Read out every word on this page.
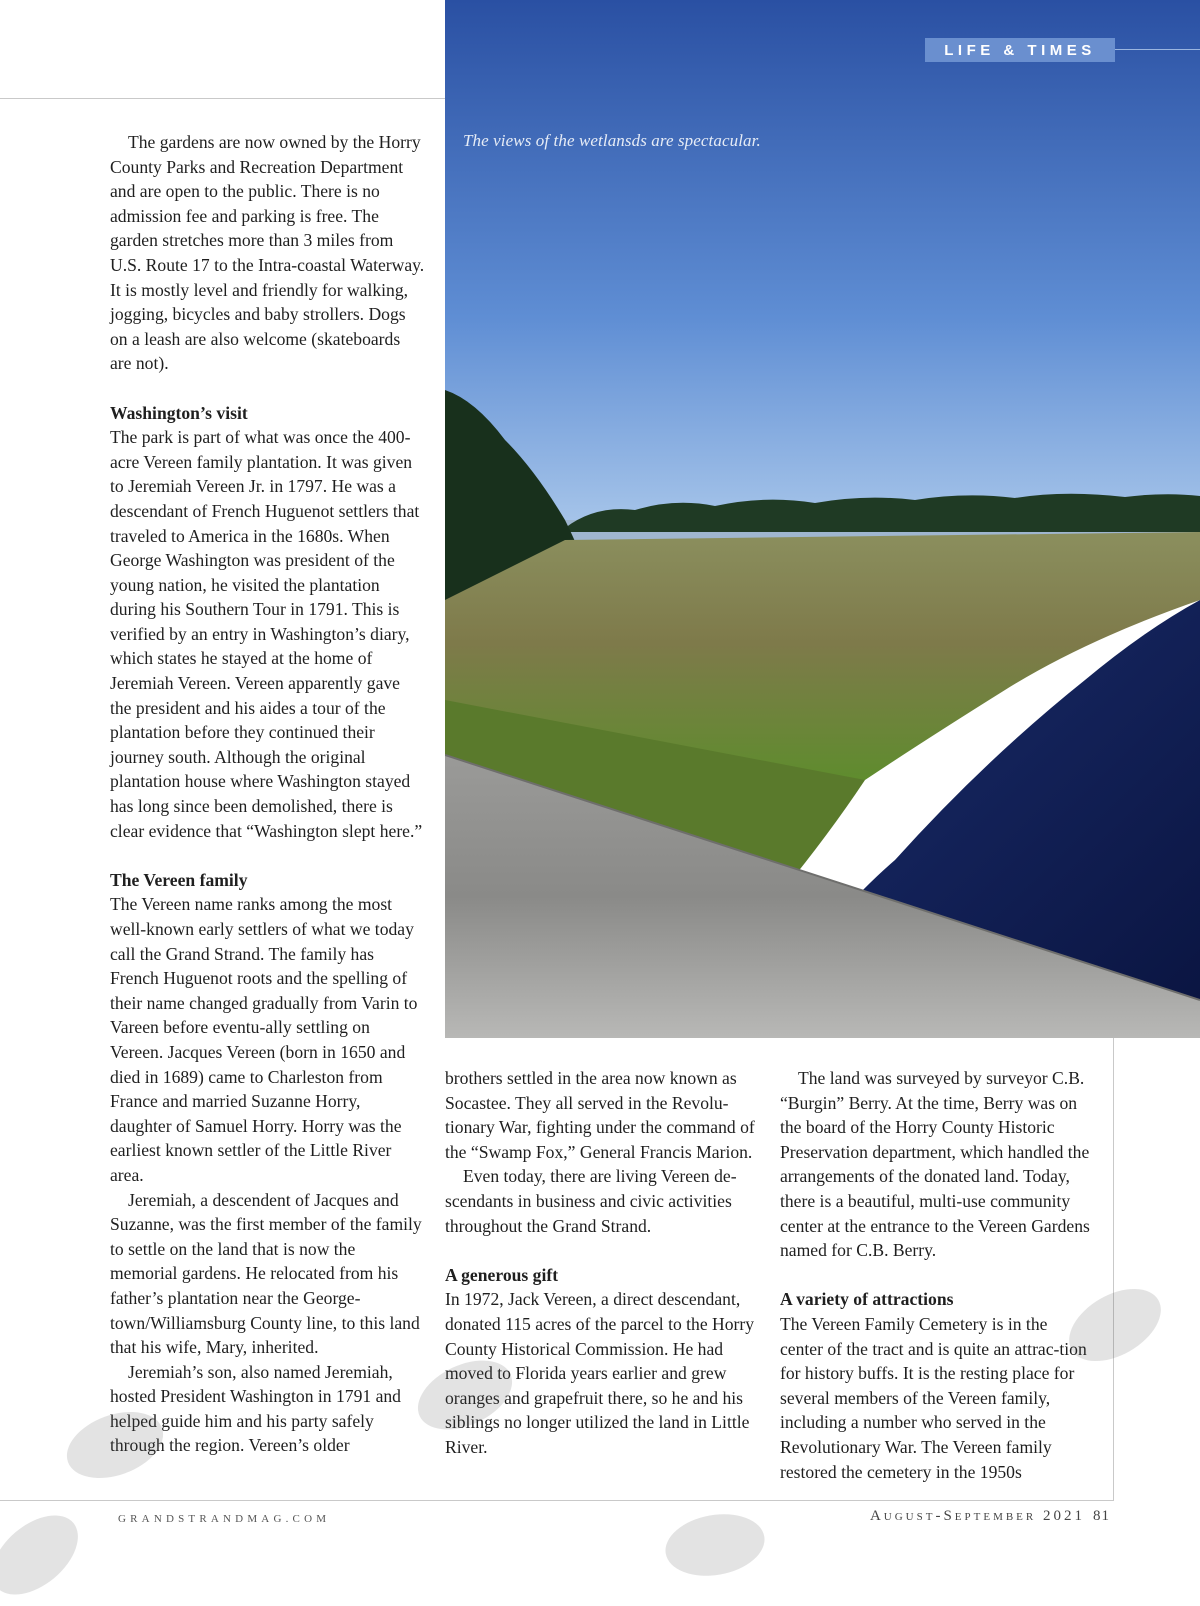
The views of the wetlansds are spectacular.
LIFE & TIMES

The gardens are now owned by the Horry County Parks and Recreation Department and are open to the public. There is no admission fee and parking is free. The garden stretches more than 3 miles from U.S. Route 17 to the Intra-coastal Waterway. It is mostly level and friendly for walking, jogging, bicycles and baby strollers. Dogs on a leash are also welcome (skateboards are not).

Washington’s visit

The park is part of what was once the 400-acre Vereen family plantation. It was given to Jeremiah Vereen Jr. in 1797. He was a descendant of French Huguenot settlers that traveled to America in the 1680s. When George Washington was president of the young nation, he visited the plantation during his Southern Tour in 1791. This is verified by an entry in Washington’s diary, which states he stayed at the home of Jeremiah Vereen. Vereen apparently gave the president and his aides a tour of the plantation before they continued their journey south. Although the original plantation house where Washington stayed has long since been demolished, there is clear evidence that “Washington slept here.”

The Vereen family

The Vereen name ranks among the most well-known early settlers of what we today call the Grand Strand. The family has French Huguenot roots and the spelling of their name changed gradually from Varin to Vareen before eventu-ally settling on Vereen. Jacques Vereen (born in 1650 and died in 1689) came to Charleston from France and married Suzanne Horry, daughter of Samuel Horry. Horry was the earliest known settler of the Little River area.

Jeremiah, a descendent of Jacques and Suzanne, was the first member of the family to settle on the land that is now the memorial gardens. He relocated from his father’s plantation near the George-town/Williamsburg County line, to this land that his wife, Mary, inherited.

Jeremiah’s son, also named Jeremiah, hosted President Washington in 1791 and helped guide him and his party safely through the region. Vereen’s older

brothers settled in the area now known as Socastee. They all served in the Revolu-tionary War, fighting under the command of the “Swamp Fox,” General Francis Marion.

Even today, there are living Vereen de-scendants in business and civic activities throughout the Grand Strand.

A generous gift

In 1972, Jack Vereen, a direct descendant, donated 115 acres of the parcel to the Horry County Historical Commission. He had moved to Florida years earlier and grew oranges and grapefruit there, so he and his siblings no longer utilized the land in Little River.

The land was surveyed by surveyor C.B. “Burgin” Berry. At the time, Berry was on the board of the Horry County Historic Preservation department, which handled the arrangements of the donated land. Today, there is a beautiful, multi-use community center at the entrance to the Vereen Gardens named for C.B. Berry.

A variety of attractions

The Vereen Family Cemetery is in the center of the tract and is quite an attrac-tion for history buffs. It is the resting place for several members of the Vereen family, including a number who served in the Revolutionary War. The Vereen family restored the cemetery in the 1950s

GRANDSTRANDMAG.COM	August-September 2021 81
